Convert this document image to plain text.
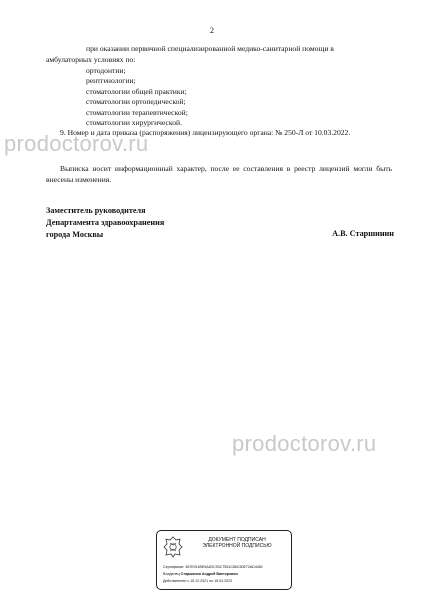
2
при оказании первичной специализированной медико-санитарной помощи в
амбулаторных условиях по:
ортодонтии;
рентгенологии;
стоматологии общей практики;
стоматологии ортопедической;
стоматологии терапевтической;
стоматологии хирургической.
9. Номер и дата приказа (распоряжения) лицензирующего органа: № 250-Л от 10.03.2022.
Выписка носит информационный характер, после ее составления в реестр лицензий могли быть внесены изменения.
Заместитель руководителя
Департамента здравоохранения
города Москвы	А.В. Старшинин
prodoctorov.ru
prodoctorov.ru
ДОКУМЕНТ ПОДПИСАН
ЭЛЕКТРОННОЙ ПОДПИСЬЮ
Сертификат: 367E0169E0A4DC93C7551C86C50E72AD4481
Владелец Старшинин Андрей Викторович
Действителен с 15.12.2021 по 15.03.2023
